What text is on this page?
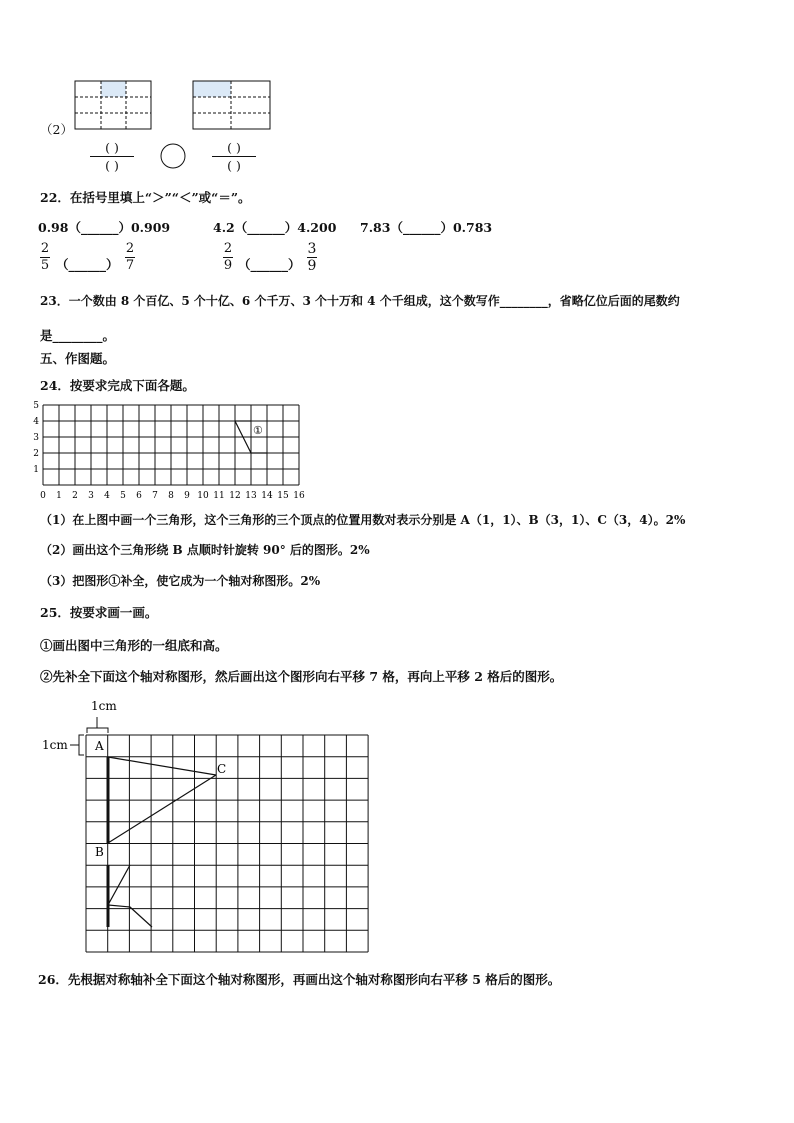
（2）
( )
( )
( )
( )
22．在括号里填上“＞”“＜”或“＝”。
0.98（______）0.909	4.2（______）4.200 7.83（______）0.783
2
5 （______）
2
7
2
9 （______）
3
9
23．一个数由 8 个百亿、5 个十亿、6 个千万、3 个十万和 4 个千组成，这个数写作________，省略亿位后面的尾数约
是________。
五、作图题。
24．按要求完成下面各题。
0 1 2 3 4 5 6 7 8 9 10 11 12 13 14 15 16
1
2
3
4
5
①
（1）在上图中画一个三角形，这个三角形的三个顶点的位置用数对表示分别是 A（1，1）、B（3，1）、C（3，4）。2%
（2）画出这个三角形绕 B 点顺时针旋转 90° 后的图形。2%
（3）把图形①补全，使它成为一个轴对称图形。2%
25．按要求画一画。
①画出图中三角形的一组底和高。
②先补全下面这个轴对称图形，然后画出这个图形向右平移 7 格，再向上平移 2 格后的图形。
1cm
1cm A
B
C
26．先根据对称轴补全下面这个轴对称图形，再画出这个轴对称图形向右平移 5 格后的图形。
